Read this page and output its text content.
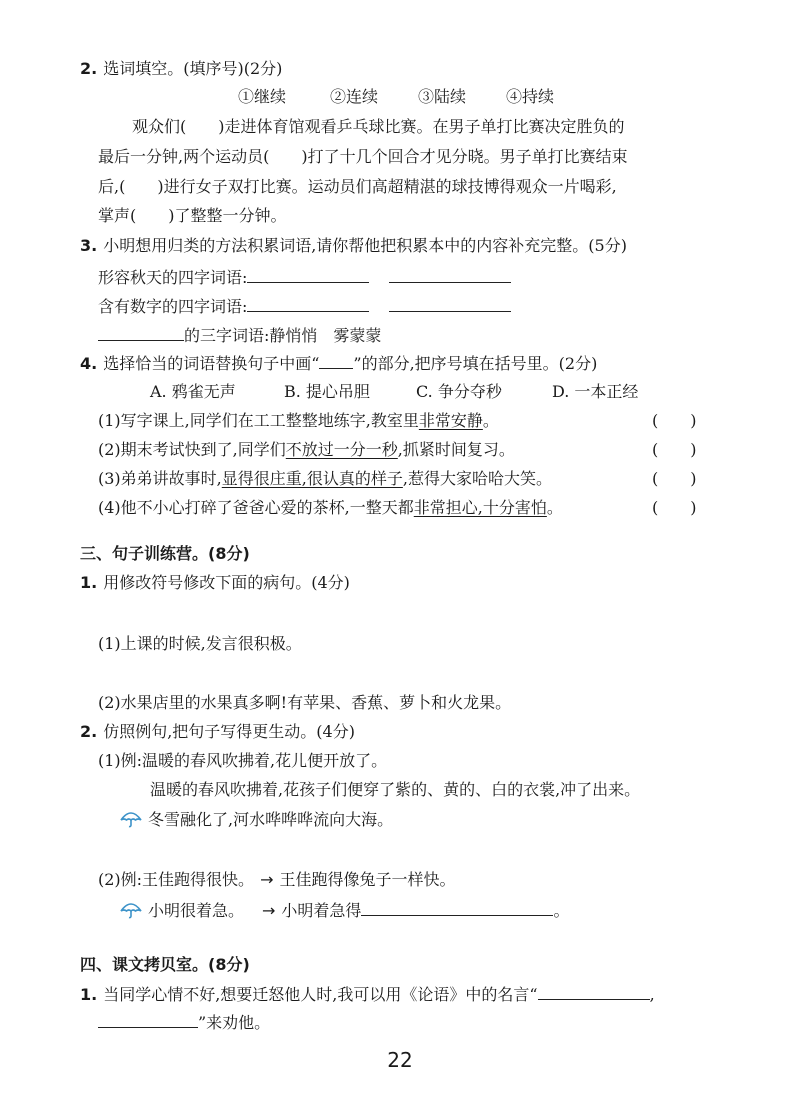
2. 选词填空。(填序号)(2分)
①继续	②连续 ③陆续 ④持续
观众们(　　)走进体育馆观看乒乓球比赛。在男子单打比赛决定胜负的
最后一分钟,两个运动员(　　)打了十几个回合才见分晓。男子单打比赛结束
后,(　　)进行女子双打比赛。运动员们高超精湛的球技博得观众一片喝彩,
掌声(　　)了整整一分钟。
3. 小明想用归类的方法积累词语,请你帮他把积累本中的内容补充完整。(5分)
形容秋天的四字词语:
含有数字的四字词语:
的三字词语:静悄悄　雾蒙蒙
4. 选择恰当的词语替换句子中画“ ”的部分,把序号填在括号里。(2分)
A. 鸦雀无声	B. 提心吊胆	C. 争分夺秒	D. 一本正经
(1)写字课上,同学们在工工整整地练字,教室里非常安静。	(　　)
(2)期末考试快到了,同学们不放过一分一秒,抓紧时间复习。	(　　)
(3)弟弟讲故事时,显得很庄重,很认真的样子,惹得大家哈哈大笑。	(　　)
(4)他不小心打碎了爸爸心爱的茶杯,一整天都非常担心,十分害怕。	(　　)
三、句子训练营。(8分)
1. 用修改符号修改下面的病句。(4分)
(1)上课的时候,发言很积极。
(2)水果店里的水果真多啊!有苹果、香蕉、萝卜和火龙果。
2. 仿照例句,把句子写得更生动。(4分)
(1)例:温暖的春风吹拂着,花儿便开放了。
温暖的春风吹拂着,花孩子们便穿了紫的、黄的、白的衣裳,冲了出来。
冬雪融化了,河水哗哗哗流向大海。
(2)例:王佳跑得很快。 → 王佳跑得像兔子一样快。
小明很着急。 → 小明着急得	。
四、课文拷贝室。(8分)
1. 当同学心情不好,想要迁怒他人时,我可以用《论语》中的名言“	,
”来劝他。
22
